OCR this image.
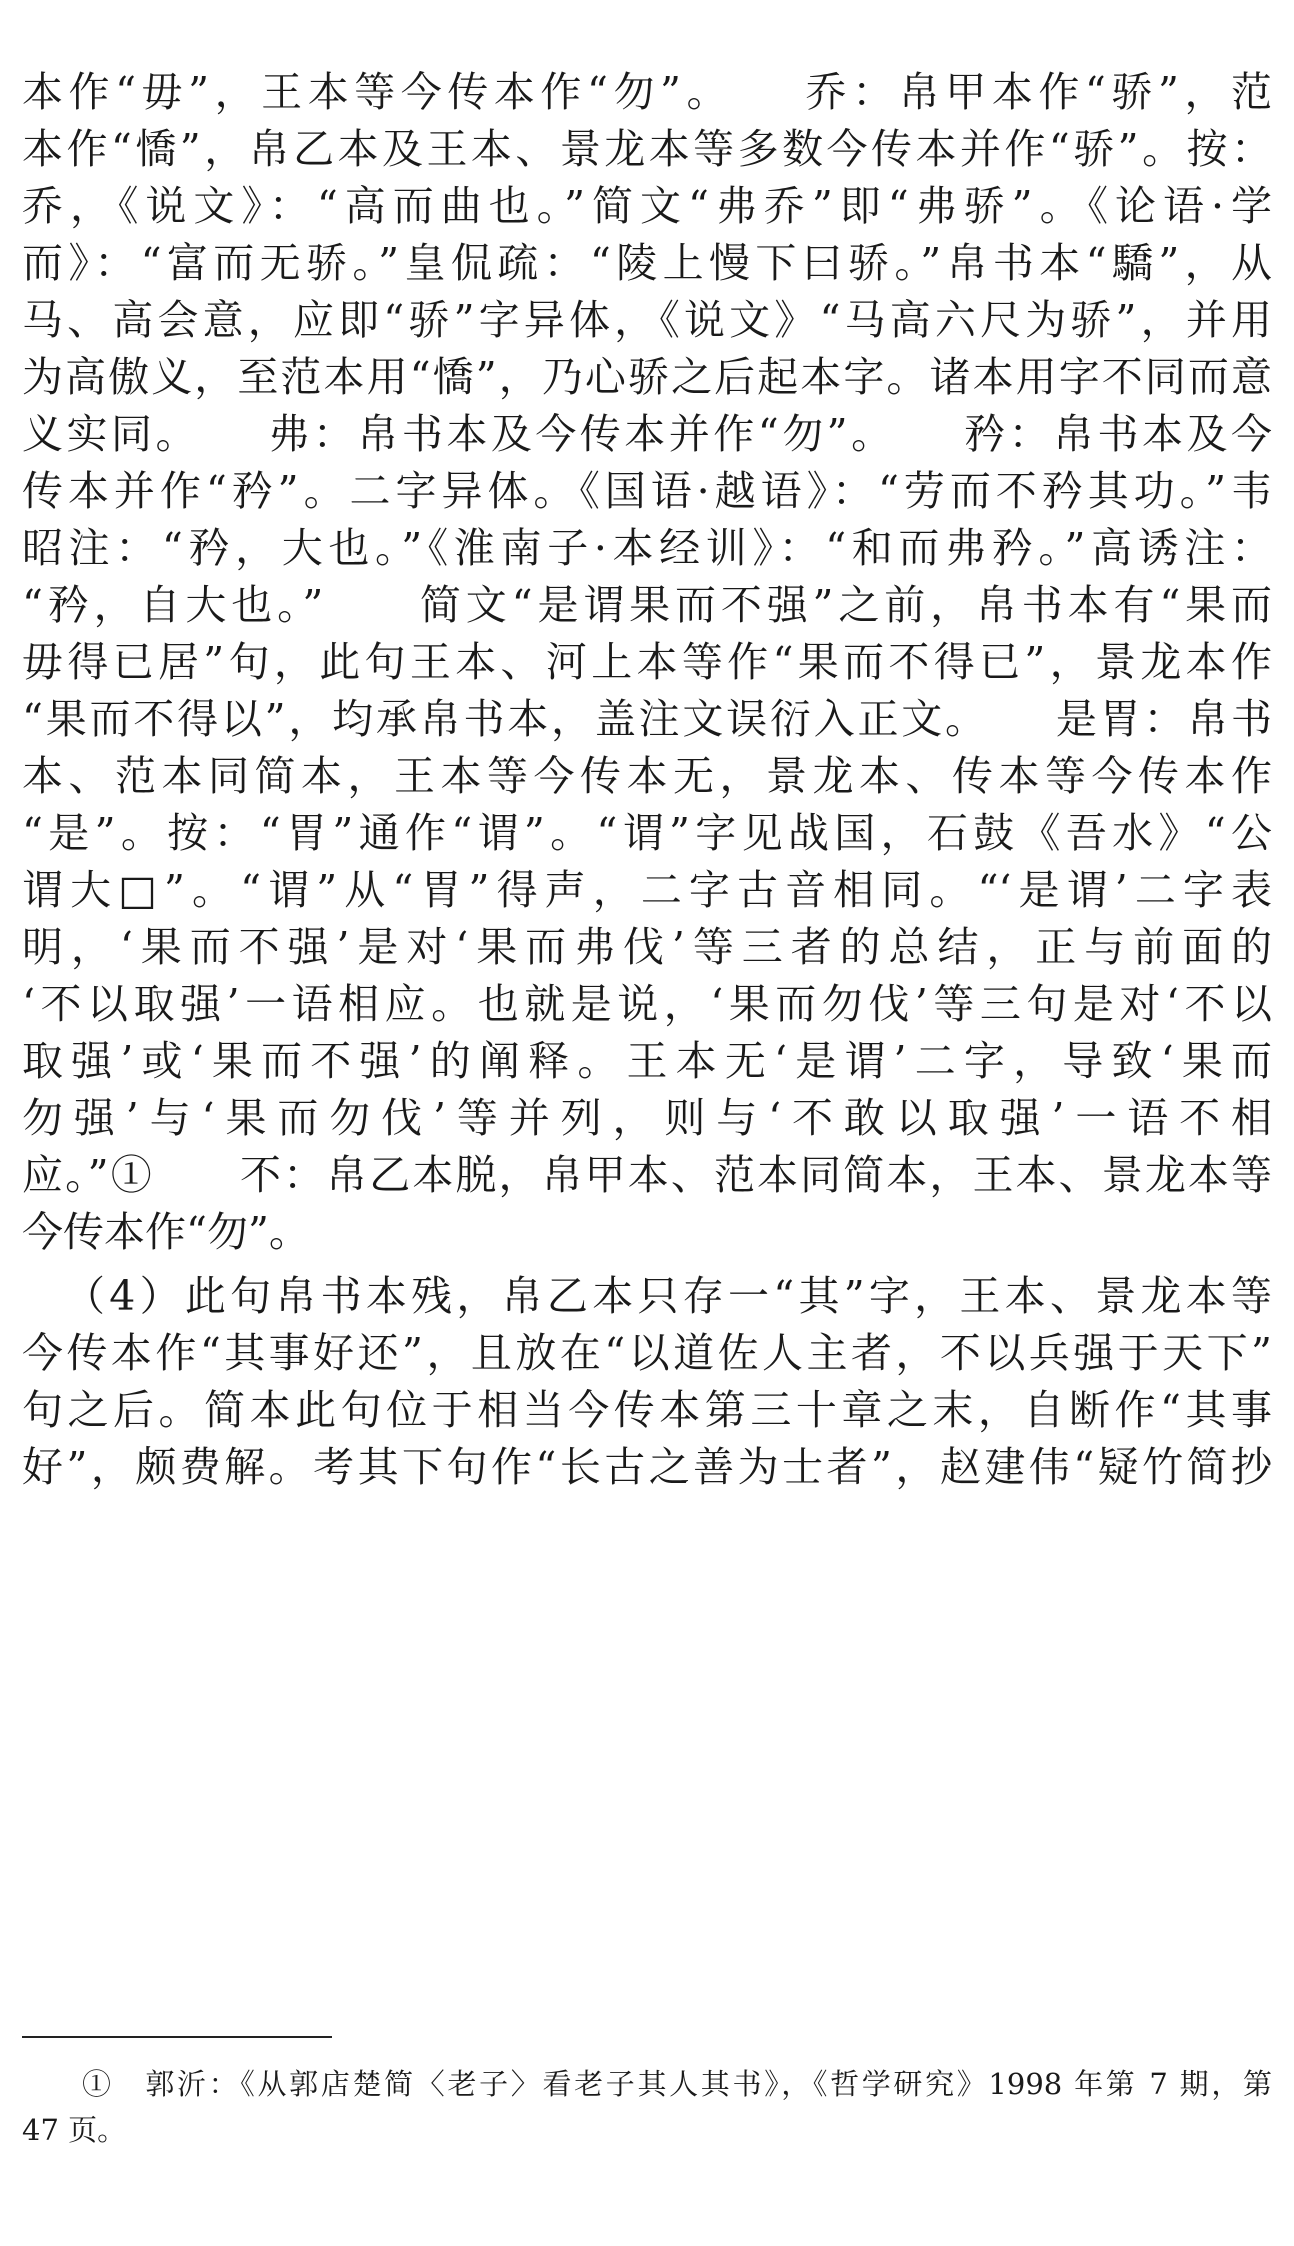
本作“毋”，王本等今传本作“勿”。　　乔：帛甲本作“骄”，范
本作“憍”，帛乙本及王本、景龙本等多数今传本并作“骄”。按：
乔，《说文》：“高而曲也。”简文“弗乔”即“弗骄”。《论语·学
而》：“富而无骄。”皇侃疏：“陵上慢下曰骄。”帛书本“驕”，从
马、高会意，应即“骄”字异体，《说文》“马高六尺为骄”，并用
为高傲义，至范本用“憍”，乃心骄之后起本字。诸本用字不同而意
义实同。　　弗：帛书本及今传本并作“勿”。　　矜：帛书本及今
传本并作“矜”。二字异体。《国语·越语》：“劳而不矜其功。”韦
昭注：“矜，大也。”《淮南子·本经训》：“和而弗矜。”高诱注：
“矜，自大也。”　　简文“是谓果而不强”之前，帛书本有“果而
毋得已居”句，此句王本、河上本等作“果而不得已”，景龙本作
“果而不得以”，均承帛书本，盖注文误衍入正文。　　是胃：帛书
本、范本同简本，王本等今传本无，景龙本、传本等今传本作
“是”。按：“胃”通作“谓”。“谓”字见战国，石鼓《吾水》“公
谓大□”。“谓”从“胃”得声，二字古音相同。“‘是谓’二字表
明，‘果而不强’是对‘果而弗伐’等三者的总结，正与前面的
‘不以取强’一语相应。也就是说，‘果而勿伐’等三句是对‘不以
取强’或‘果而不强’的阐释。王本无‘是谓’二字，导致‘果而
勿强’与‘果而勿伐’等并列，则与‘不敢以取强’一语不相
应。”①　　不：帛乙本脱，帛甲本、范本同简本，王本、景龙本等
今传本作“勿”。
（4）此句帛书本残，帛乙本只存一“其”字，王本、景龙本等
今传本作“其事好还”，且放在“以道佐人主者，不以兵强于天下”
句之后。简本此句位于相当今传本第三十章之末，自断作“其事
好”，颇费解。考其下句作“长古之善为士者”，赵建伟“疑竹简抄
①　郭沂：《从郭店楚简〈老子〉看老子其人其书》，《哲学研究》1998 年第 7 期，第
47 页。
